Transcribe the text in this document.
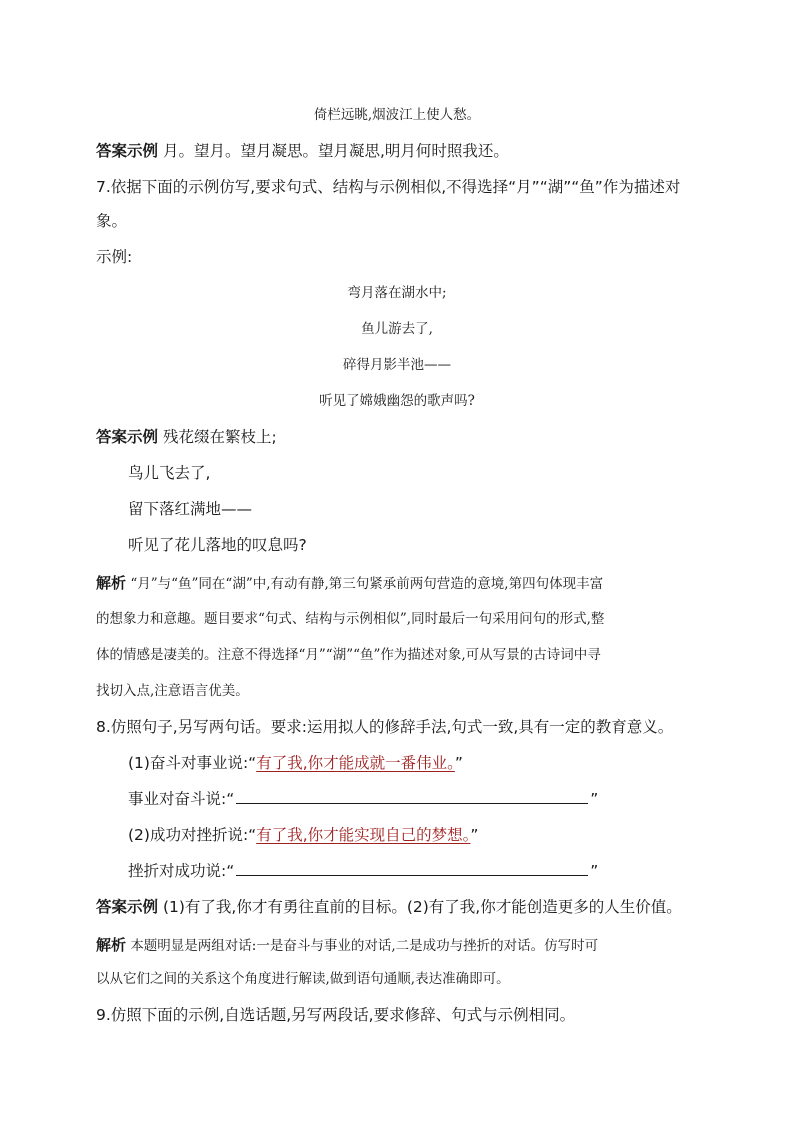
倚栏远眺,烟波江上使人愁。
答案示例 月。望月。望月凝思。望月凝思,明月何时照我还。
7.依据下面的示例仿写,要求句式、结构与示例相似,不得选择“月”“湖”“鱼”作为描述对
象。
示例:
弯月落在湖水中;
鱼儿游去了,
碎得月影半池——
听见了嫦娥幽怨的歌声吗?
答案示例 残花缀在繁枝上;
鸟儿飞去了,
留下落红满地——
听见了花儿落地的叹息吗?
解析 “月”与“鱼”同在“湖”中,有动有静,第三句紧承前两句营造的意境,第四句体现丰富
的想象力和意趣。题目要求“句式、结构与示例相似”,同时最后一句采用问句的形式,整
体的情感是凄美的。注意不得选择“月”“湖”“鱼”作为描述对象,可从写景的古诗词中寻
找切入点,注意语言优美。
8.仿照句子,另写两句话。要求:运用拟人的修辞手法,句式一致,具有一定的教育意义。
(1)奋斗对事业说:“有了我,你才能成就一番伟业。”
事业对奋斗说:“	”
(2)成功对挫折说:“有了我,你才能实现自己的梦想。”
挫折对成功说:“	”
答案示例 (1)有了我,你才有勇往直前的目标。(2)有了我,你才能创造更多的人生价值。
解析 本题明显是两组对话:一是奋斗与事业的对话,二是成功与挫折的对话。仿写时可
以从它们之间的关系这个角度进行解读,做到语句通顺,表达准确即可。
9.仿照下面的示例,自选话题,另写两段话,要求修辞、句式与示例相同。
